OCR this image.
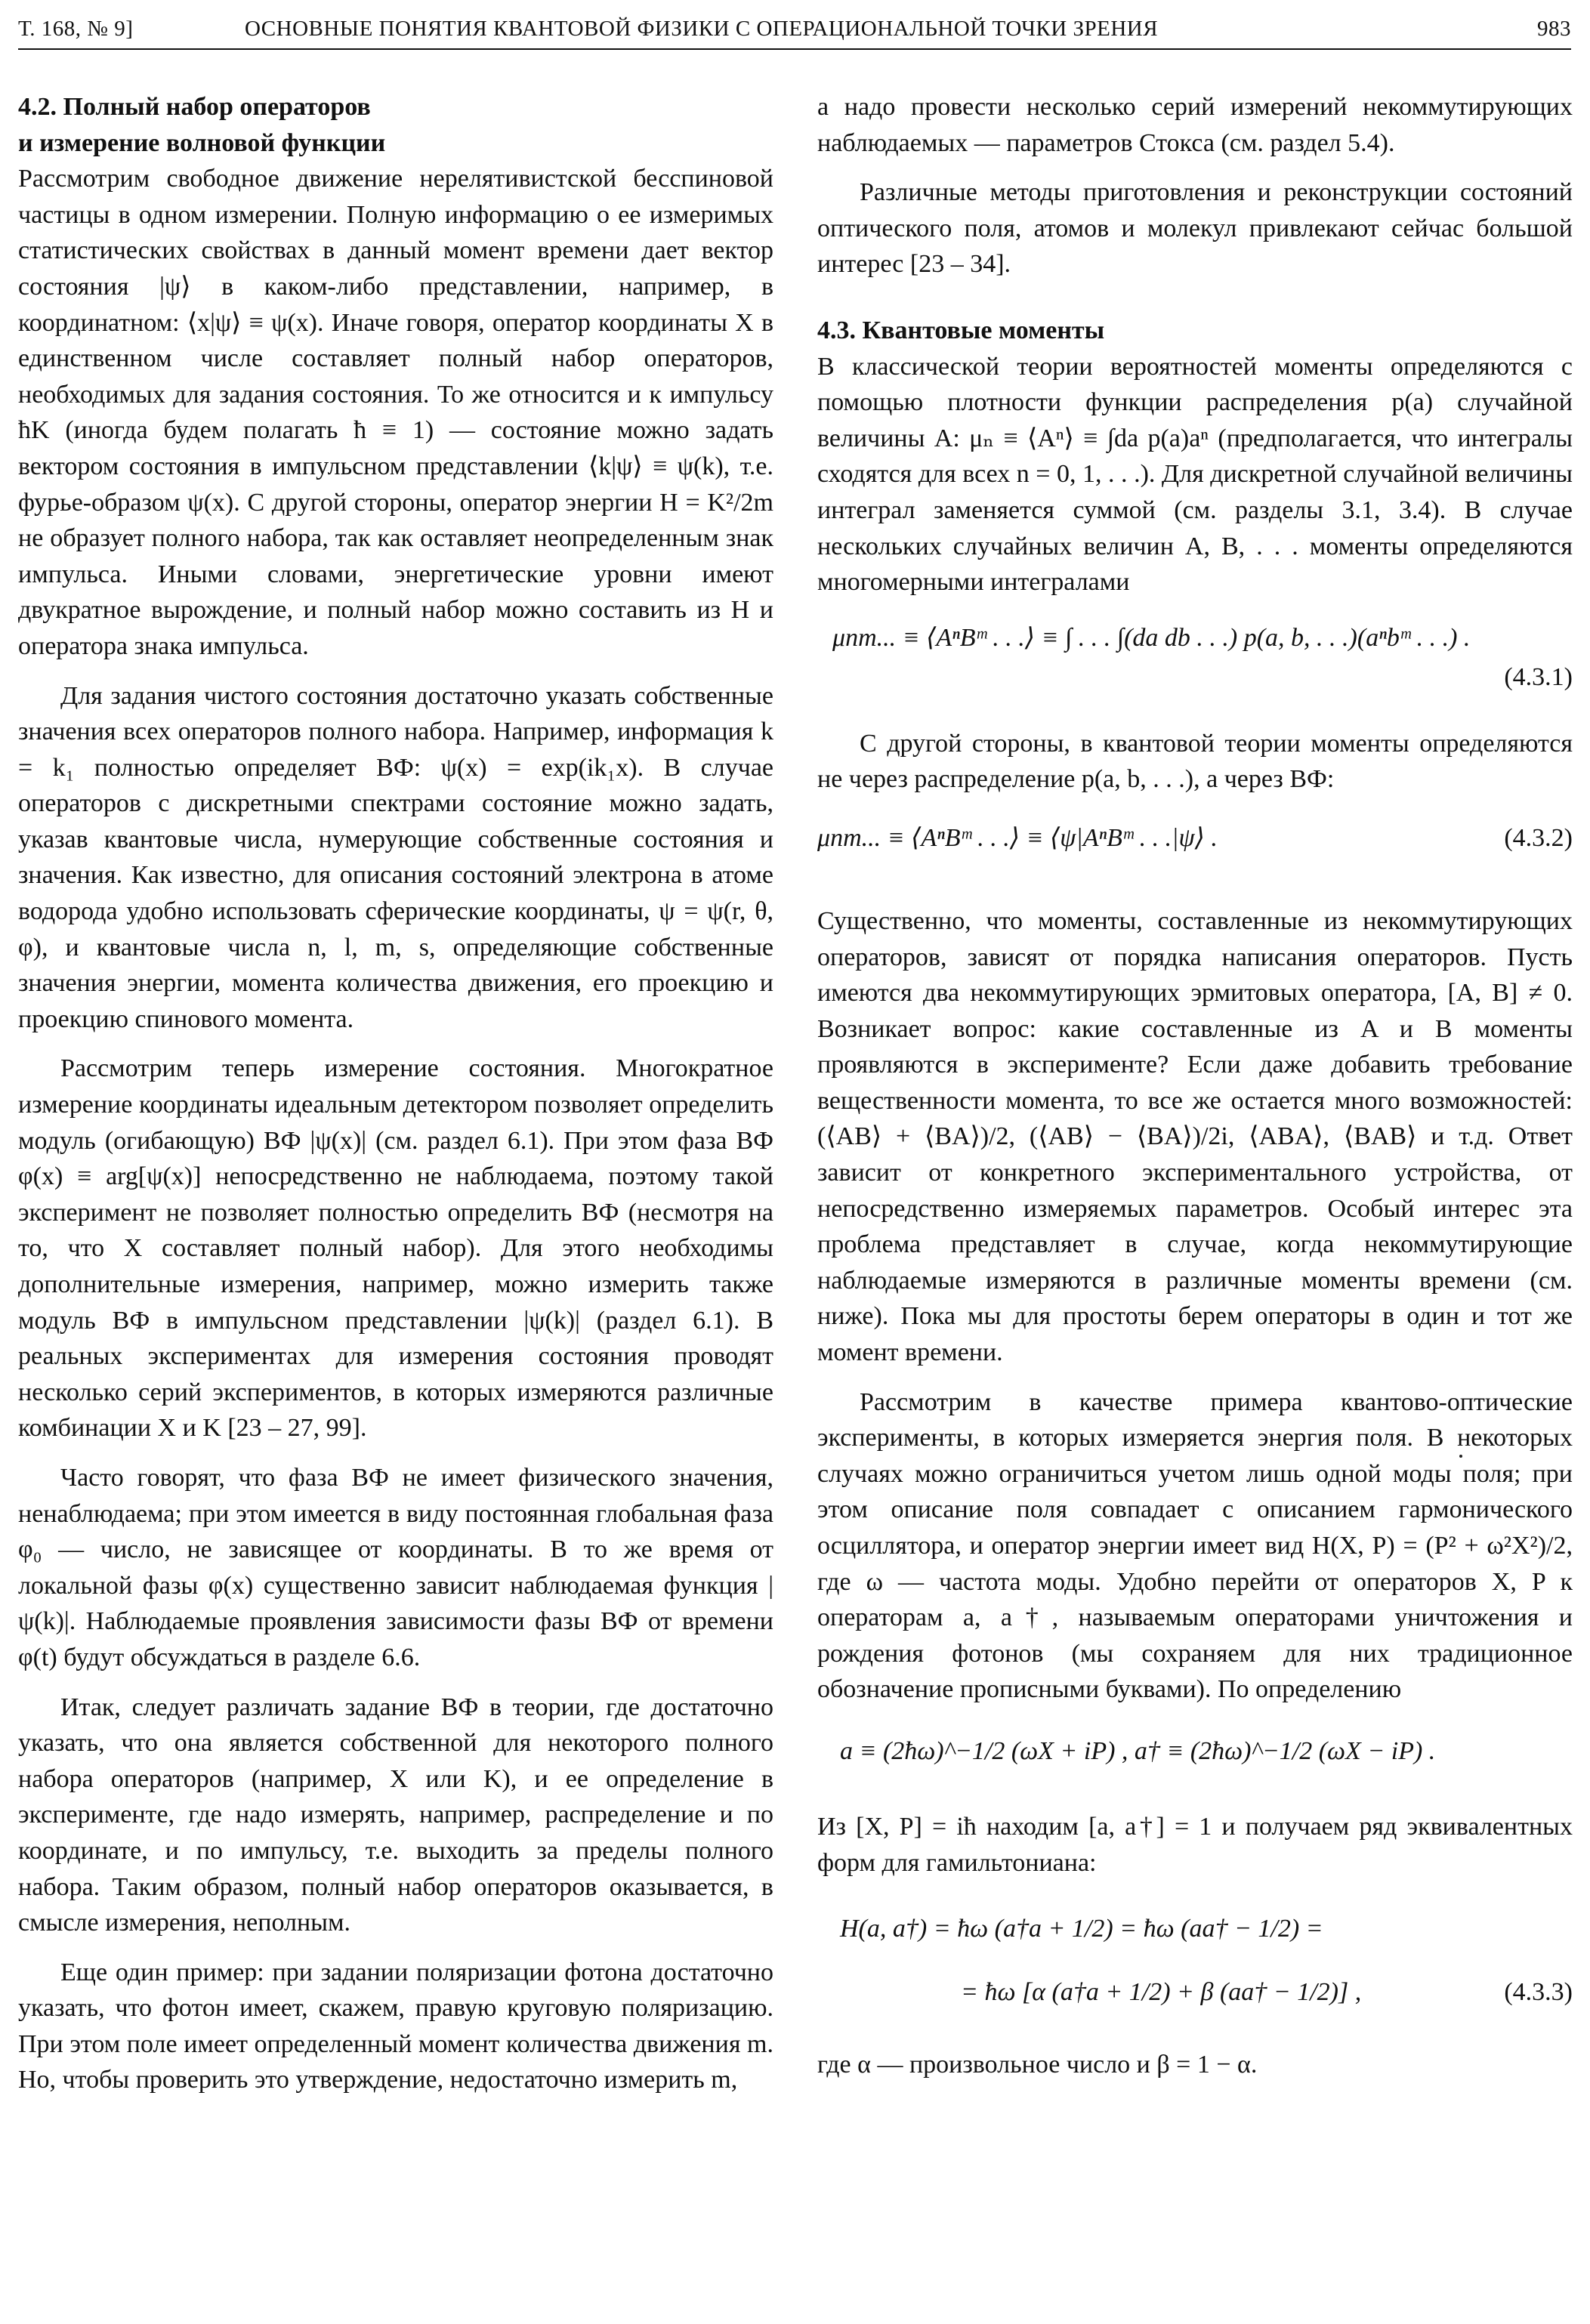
Т. 168, № 9]	ОСНОВНЫЕ ПОНЯТИЯ КВАНТОВОЙ ФИЗИКИ С ОПЕРАЦИОНАЛЬНОЙ ТОЧКИ ЗРЕНИЯ	983
4.2. Полный набор операторов
и измерение волновой функции

Рассмотрим свободное движение нерелятивистской бесспиновой частицы в одном измерении. Полную информацию о ее измеримых статистических свойствах в данный момент времени дает вектор состояния |ψ⟩ в каком-либо представлении, например, в координатном: ⟨x|ψ⟩ ≡ ψ(x). Иначе говоря, оператор координаты X в единственном числе составляет полный набор операторов, необходимых для задания состояния. То же относится и к импульсу ħK (иногда будем полагать ħ ≡ 1) — состояние можно задать вектором состояния в импульсном представлении ⟨k|ψ⟩ ≡ ψ(k), т.е. фурье-образом ψ(x). С другой стороны, оператор энергии H = K²/2m не образует полного набора, так как оставляет неопределенным знак импульса. Иными словами, энергетические уровни имеют двукратное вырождение, и полный набор можно составить из H и оператора знака импульса.

Для задания чистого состояния достаточно указать собственные значения всех операторов полного набора. Например, информация k = k₁ полностью определяет ВФ: ψ(x) = exp(ik₁x). В случае операторов с дискретными спектрами состояние можно задать, указав квантовые числа, нумерующие собственные состояния и значения. Как известно, для описания состояний электрона в атоме водорода удобно использовать сферические координаты, ψ = ψ(r, θ, φ), и квантовые числа n, l, m, s, определяющие собственные значения энергии, момента количества движения, его проекцию и проекцию спинового момента.

Рассмотрим теперь измерение состояния. Многократное измерение координаты идеальным детектором позволяет определить модуль (огибающую) ВФ |ψ(x)| (см. раздел 6.1). При этом фаза ВФ φ(x) ≡ arg[ψ(x)] непосредственно не наблюдаема, поэтому такой эксперимент не позволяет полностью определить ВФ (несмотря на то, что X составляет полный набор). Для этого необходимы дополнительные измерения, например, можно измерить также модуль ВФ в импульсном представлении |ψ(k)| (раздел 6.1). В реальных экспериментах для измерения состояния проводят несколько серий экспериментов, в которых измеряются различные комбинации X и K [23 – 27, 99].

Часто говорят, что фаза ВФ не имеет физического значения, ненаблюдаема; при этом имеется в виду постоянная глобальная фаза φ₀ — число, не зависящее от координаты. В то же время от локальной фазы φ(x) существенно зависит наблюдаемая функция |ψ(k)|. Наблюдаемые проявления зависимости фазы ВФ от времени φ(t) будут обсуждаться в разделе 6.6.

Итак, следует различать задание ВФ в теории, где достаточно указать, что она является собственной для некоторого полного набора операторов (например, X или K), и ее определение в эксперименте, где надо измерять, например, распределение и по координате, и по импульсу, т.е. выходить за пределы полного набора. Таким образом, полный набор операторов оказывается, в смысле измерения, неполным.

Еще один пример: при задании поляризации фотона достаточно указать, что фотон имеет, скажем, правую круговую поляризацию. При этом поле имеет определенный момент количества движения m. Но, чтобы проверить это утверждение, недостаточно измерить m,

а надо провести несколько серий измерений некоммутирующих наблюдаемых — параметров Стокса (см. раздел 5.4).

Различные методы приготовления и реконструкции состояний оптического поля, атомов и молекул привлекают сейчас большой интерес [23 – 34].

4.3. Квантовые моменты

В классической теории вероятностей моменты определяются с помощью плотности функции распределения p(a) случайной величины A: μₙ ≡ ⟨Aⁿ⟩ ≡ ∫da p(a)aⁿ (предполагается, что интегралы сходятся для всех n = 0, 1, . . .). Для дискретной случайной величины интеграл заменяется суммой (см. разделы 3.1, 3.4). В случае нескольких случайных величин A, B, . . . моменты определяются многомерными интегралами

μnm... ≡ ⟨AⁿBᵐ . . .⟩ ≡ ∫ . . . ∫(da db . . .) p(a, b, . . .)(aⁿbᵐ . . .) .
(4.3.1)

С другой стороны, в квантовой теории моменты определяются не через распределение p(a, b, . . .), а через ВФ:

μnm... ≡ ⟨AⁿBᵐ . . .⟩ ≡ ⟨ψ|AⁿBᵐ . . .|ψ⟩ .	(4.3.2)

Существенно, что моменты, составленные из некоммутирующих операторов, зависят от порядка написания операторов. Пусть имеются два некоммутирующих эрмитовых оператора, [A, B] ≠ 0. Возникает вопрос: какие составленные из A и B моменты проявляются в эксперименте? Если даже добавить требование вещественности момента, то все же остается много возможностей: (⟨AB⟩ + ⟨BA⟩)/2, (⟨AB⟩ − ⟨BA⟩)/2i, ⟨ABA⟩, ⟨BAB⟩ и т.д. Ответ зависит от конкретного экспериментального устройства, от непосредственно измеряемых параметров. Особый интерес эта проблема представляет в случае, когда некоммутирующие наблюдаемые измеряются в различные моменты времени (см. ниже). Пока мы для простоты берем операторы в один и тот же момент времени.

Рассмотрим в качестве примера квантово-оптические эксперименты, в которых измеряется энергия поля. В некоторых случаях можно ограничиться учетом лишь одной моды поля; при этом описание поля совпадает с описанием гармонического осциллятора, и оператор энергии имеет вид H(X, P) = (P² + ω²X²)/2, где ω — частота моды. Удобно перейти от операторов X, P к операторам a, a†, называемым операторами уничтожения и рождения фотонов (мы сохраняем для них традиционное обозначение прописными буквами). По определению

a ≡ (2ħω)^−1/2 (ωX + iP) , a† ≡ (2ħω)^−1/2 (ωX − iP) .

Из [X, P] = iħ находим [a, a†] = 1 и получаем ряд эквивалентных форм для гамильтониана:

H(a, a†) = ħω (a†a + 1/2) = ħω (aa† − 1/2) =
= ħω [α (a†a + 1/2) + β (aa† − 1/2)] ,	(4.3.3)

где α — произвольное число и β = 1 − α.
